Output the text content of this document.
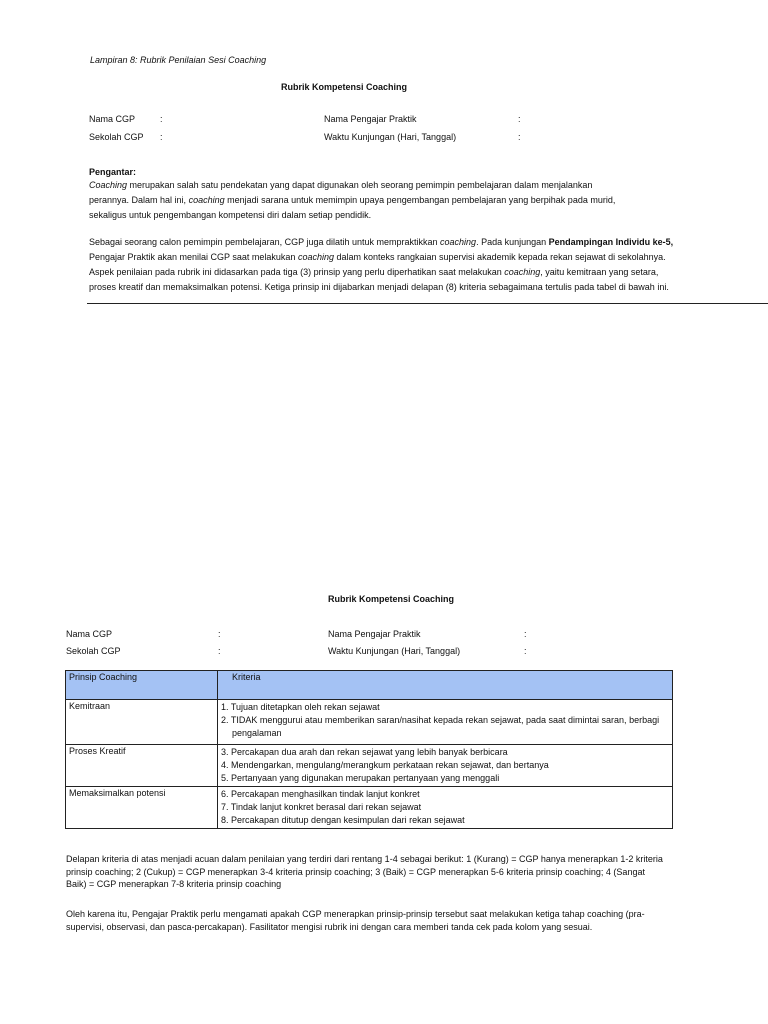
Lampiran 8: Rubrik Penilaian Sesi Coaching
Rubrik Kompetensi Coaching
Nama CGP	:	Nama Pengajar Praktik	:
Sekolah CGP :	Waktu Kunjungan (Hari, Tanggal)	:
Pengantar:
Coaching merupakan salah satu pendekatan yang dapat digunakan oleh seorang pemimpin pembelajaran dalam menjalankan perannya. Dalam hal ini, coaching menjadi sarana untuk memimpin upaya pengembangan pembelajaran yang berpihak pada murid, sekaligus untuk pengembangan kompetensi diri dalam setiap pendidik.
Sebagai seorang calon pemimpin pembelajaran, CGP juga dilatih untuk mempraktikkan coaching. Pada kunjungan Pendampingan Individu ke-5, Pengajar Praktik akan menilai CGP saat melakukan coaching dalam konteks rangkaian supervisi akademik kepada rekan sejawat di sekolahnya. Aspek penilaian pada rubrik ini didasarkan pada tiga (3) prinsip yang perlu diperhatikan saat melakukan coaching, yaitu kemitraan yang setara, proses kreatif dan memaksimalkan potensi. Ketiga prinsip ini dijabarkan menjadi delapan (8) kriteria sebagaimana tertulis pada tabel di bawah ini.
Rubrik Kompetensi Coaching
Nama CGP	:	Nama Pengajar Praktik	:
Sekolah CGP	:	Waktu Kunjungan (Hari, Tanggal)	:
Prinsip Coaching	Kriteria
Kemitraan	1. Tujuan ditetapkan oleh rekan sejawat
2. TIDAK menggurui atau memberikan saran/nasihat kepada rekan sejawat, pada saat dimintai saran, berbagi pengalaman

Proses Kreatif	3. Percakapan dua arah dan rekan sejawat yang lebih banyak berbicara
4. Mendengarkan, mengulang/merangkum perkataan rekan sejawat, dan bertanya
5. Pertanyaan yang digunakan merupakan pertanyaan yang menggali

Memaksimalkan potensi	6. Percakapan menghasilkan tindak lanjut konkret
7. Tindak lanjut konkret berasal dari rekan sejawat
8. Percakapan ditutup dengan kesimpulan dari rekan sejawat
Delapan kriteria di atas menjadi acuan dalam penilaian yang terdiri dari rentang 1-4 sebagai berikut: 1 (Kurang) = CGP hanya menerapkan 1-2 kriteria prinsip coaching; 2 (Cukup) = CGP menerapkan 3-4 kriteria prinsip coaching; 3 (Baik) = CGP menerapkan 5-6 kriteria prinsip coaching; 4 (Sangat Baik) = CGP menerapkan 7-8 kriteria prinsip coaching
Oleh karena itu, Pengajar Praktik perlu mengamati apakah CGP menerapkan prinsip-prinsip tersebut saat melakukan ketiga tahap coaching (pra-supervisi, observasi, dan pasca-percakapan). Fasilitator mengisi rubrik ini dengan cara memberi tanda cek pada kolom yang sesuai.
